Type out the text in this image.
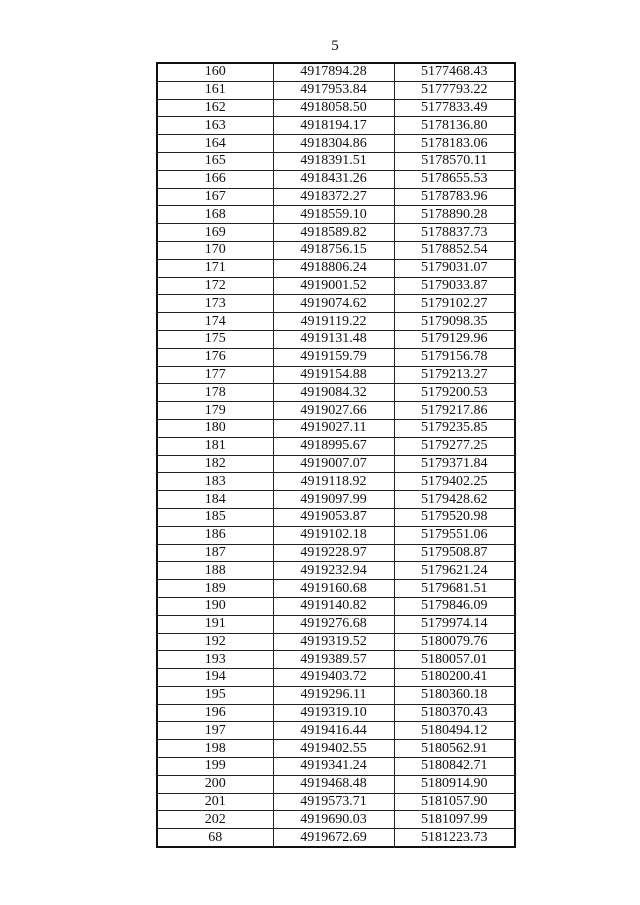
5
160	4917894.28	5177468.43
161	4917953.84	5177793.22
162	4918058.50	5177833.49
163	4918194.17	5178136.80
164	4918304.86	5178183.06
165	4918391.51	5178570.11
166	4918431.26	5178655.53
167	4918372.27	5178783.96
168	4918559.10	5178890.28
169	4918589.82	5178837.73
170	4918756.15	5178852.54
171	4918806.24	5179031.07
172	4919001.52	5179033.87
173	4919074.62	5179102.27
174	4919119.22	5179098.35
175	4919131.48	5179129.96
176	4919159.79	5179156.78
177	4919154.88	5179213.27
178	4919084.32	5179200.53
179	4919027.66	5179217.86
180	4919027.11	5179235.85
181	4918995.67	5179277.25
182	4919007.07	5179371.84
183	4919118.92	5179402.25
184	4919097.99	5179428.62
185	4919053.87	5179520.98
186	4919102.18	5179551.06
187	4919228.97	5179508.87
188	4919232.94	5179621.24
189	4919160.68	5179681.51
190	4919140.82	5179846.09
191	4919276.68	5179974.14
192	4919319.52	5180079.76
193	4919389.57	5180057.01
194	4919403.72	5180200.41
195	4919296.11	5180360.18
196	4919319.10	5180370.43
197	4919416.44	5180494.12
198	4919402.55	5180562.91
199	4919341.24	5180842.71
200	4919468.48	5180914.90
201	4919573.71	5181057.90
202	4919690.03	5181097.99
68	4919672.69	5181223.73
